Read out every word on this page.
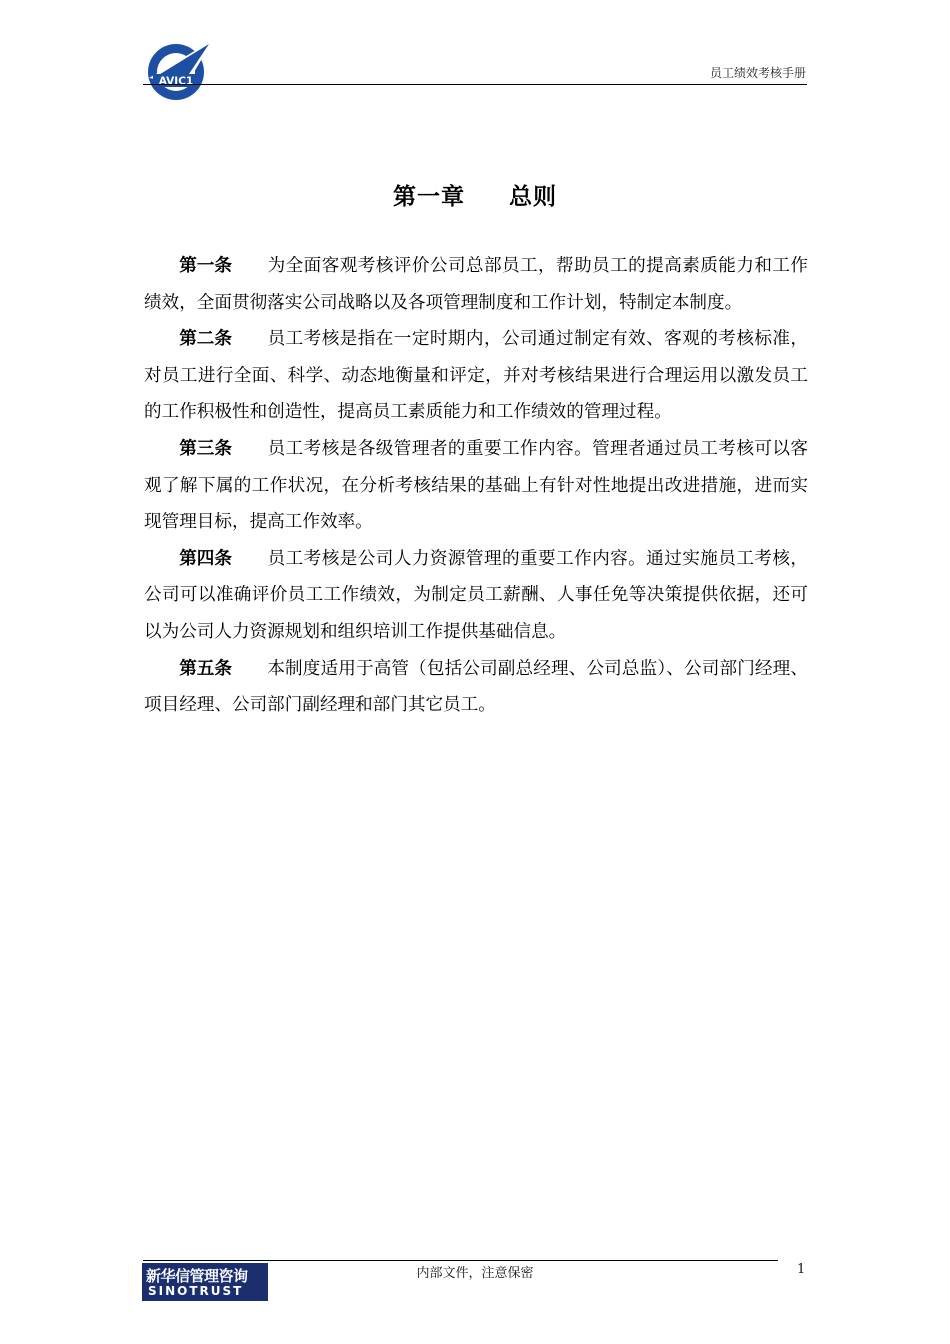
AVIC1
员工绩效考核手册
第一章 总则

第一条 为全面客观考核评价公司总部员工，帮助员工的提高素质能力和工作绩效，全面贯彻落实公司战略以及各项管理制度和工作计划，特制定本制度。

第二条 员工考核是指在一定时期内，公司通过制定有效、客观的考核标准，对员工进行全面、科学、动态地衡量和评定，并对考核结果进行合理运用以激发员工的工作积极性和创造性，提高员工素质能力和工作绩效的管理过程。

第三条 员工考核是各级管理者的重要工作内容。管理者通过员工考核可以客观了解下属的工作状况，在分析考核结果的基础上有针对性地提出改进措施，进而实现管理目标，提高工作效率。

第四条 员工考核是公司人力资源管理的重要工作内容。通过实施员工考核，公司可以准确评价员工工作绩效，为制定员工薪酬、人事任免等决策提供依据，还可以为公司人力资源规划和组织培训工作提供基础信息。

第五条 本制度适用于高管（包括公司副总经理、公司总监）、公司部门经理、项目经理、公司部门副经理和部门其它员工。

新华信管理咨询
SINOTRUST
内部文件，注意保密	1
